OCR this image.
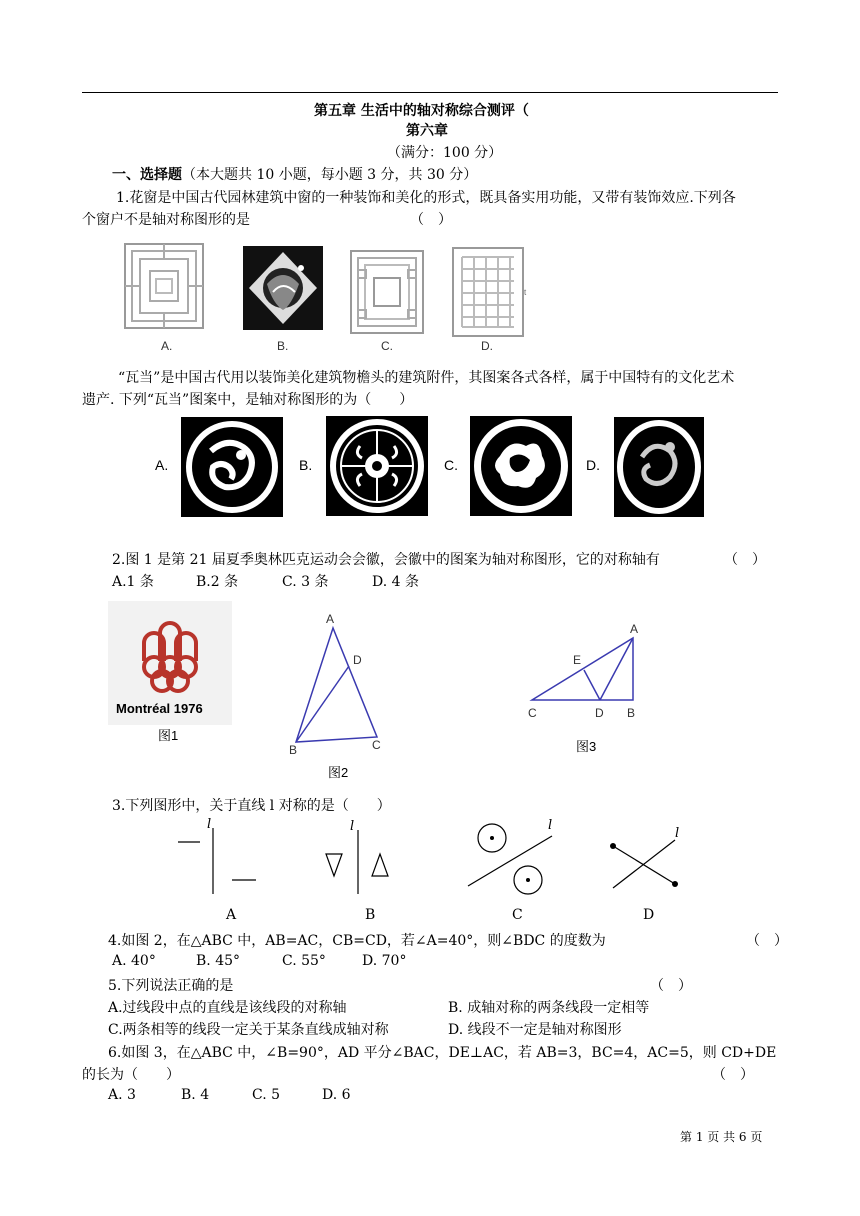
第五章 生活中的轴对称综合测评（
第六章
（满分：100 分）
一、选择题（本大题共 10 小题，每小题 3 分，共 30 分）
1.花窗是中国古代园林建筑中窗的一种装饰和美化的形式，既具备实用功能，又带有装饰效应.下列各
个窗户不是轴对称图形的是	（　）
t
A.	B.	C.	D.
“瓦当”是中国古代用以装饰美化建筑物檐头的建筑附件，其图案各式各样，属于中国特有的文化艺术
遗产. 下列“瓦当”图案中，是轴对称图形的为（　　）
A.	B.	C.	D.
2.图 1 是第 21 届夏季奥林匹克运动会会徽，会徽中的图案为轴对称图形，它的对称轴有	（　）
A.1 条	B.2 条	C. 3 条	D. 4 条
Montréal 1976
图1
A
D
B	C
图2
A
E
C	D B
图3
3.下列图形中，关于直线 l 对称的是（　　）
l	l	l
l
A	B	C	D
4.如图 2，在△ABC 中，AB=AC，CB=CD，若∠A=40°，则∠BDC 的度数为	（　）
A. 40°	B. 45°	C. 55°	D. 70°
5.下列说法正确的是	（　）
A.过线段中点的直线是该线段的对称轴	B. 成轴对称的两条线段一定相等
C.两条相等的线段一定关于某条直线成轴对称	D. 线段不一定是轴对称图形
6.如图 3，在△ABC 中，∠B=90°，AD 平分∠BAC，DE⊥AC，若 AB=3，BC=4，AC=5，则 CD+DE
的长为（　　）	（　）
A. 3	B. 4	C. 5	D. 6
第 1 页 共 6 页
